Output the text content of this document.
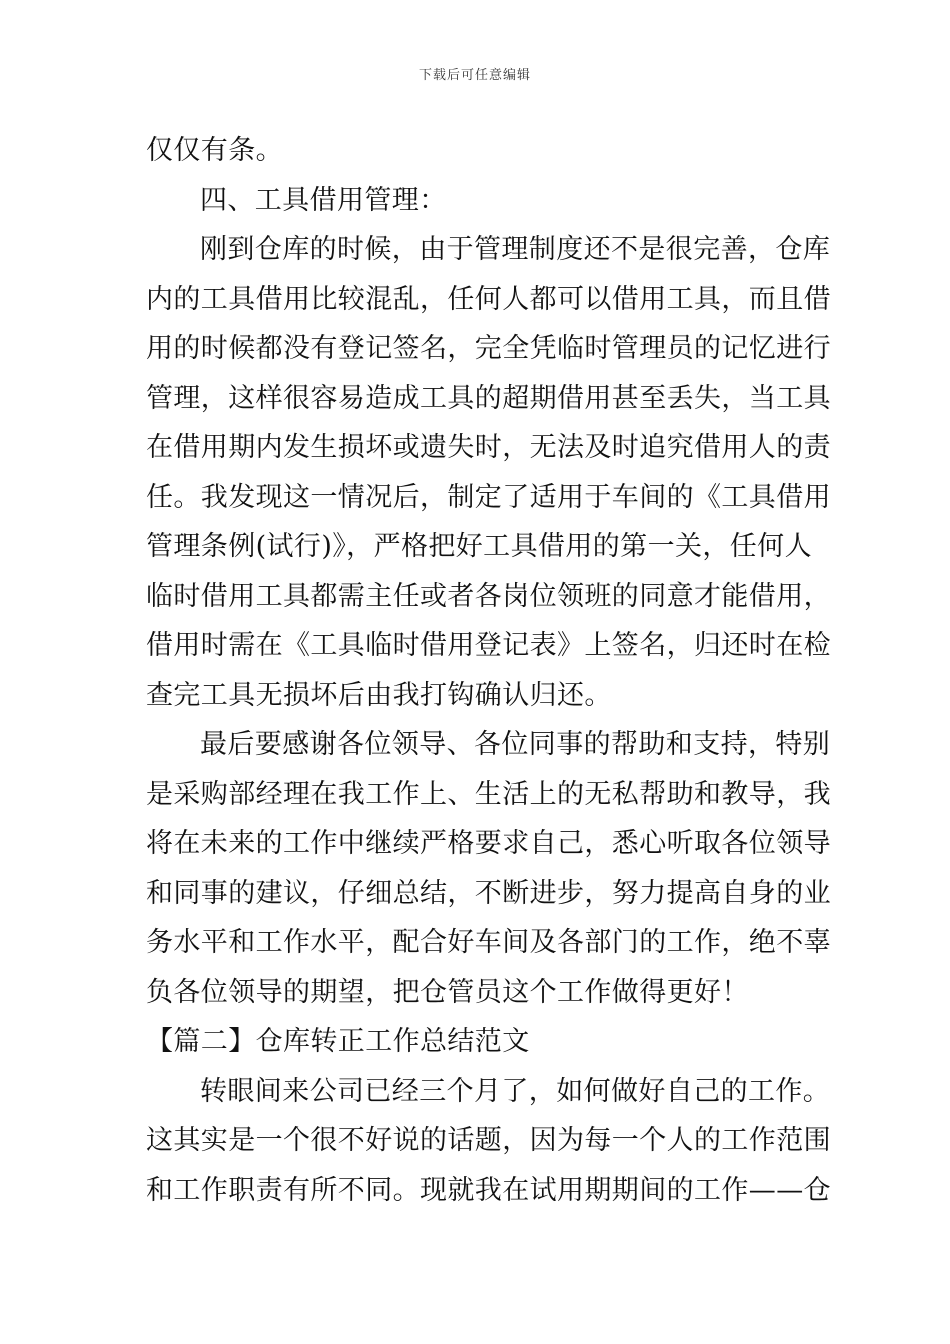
下载后可任意编辑
仅仅有条。
四、工具借用管理：
刚到仓库的时候，由于管理制度还不是很完善，仓库
内的工具借用比较混乱，任何人都可以借用工具，而且借
用的时候都没有登记签名，完全凭临时管理员的记忆进行
管理，这样很容易造成工具的超期借用甚至丢失，当工具
在借用期内发生损坏或遗失时，无法及时追究借用人的责
任。我发现这一情况后，制定了适用于车间的《工具借用
管理条例(试行)》，严格把好工具借用的第一关，任何人
临时借用工具都需主任或者各岗位领班的同意才能借用，
借用时需在《工具临时借用登记表》上签名，归还时在检
查完工具无损坏后由我打钩确认归还。
最后要感谢各位领导、各位同事的帮助和支持，特别
是采购部经理在我工作上、生活上的无私帮助和教导，我
将在未来的工作中继续严格要求自己，悉心听取各位领导
和同事的建议，仔细总结，不断进步，努力提高自身的业
务水平和工作水平，配合好车间及各部门的工作，绝不辜
负各位领导的期望，把仓管员这个工作做得更好！
【篇二】仓库转正工作总结范文
转眼间来公司已经三个月了，如何做好自己的工作。
这其实是一个很不好说的话题，因为每一个人的工作范围
和工作职责有所不同。现就我在试用期期间的工作——仓
